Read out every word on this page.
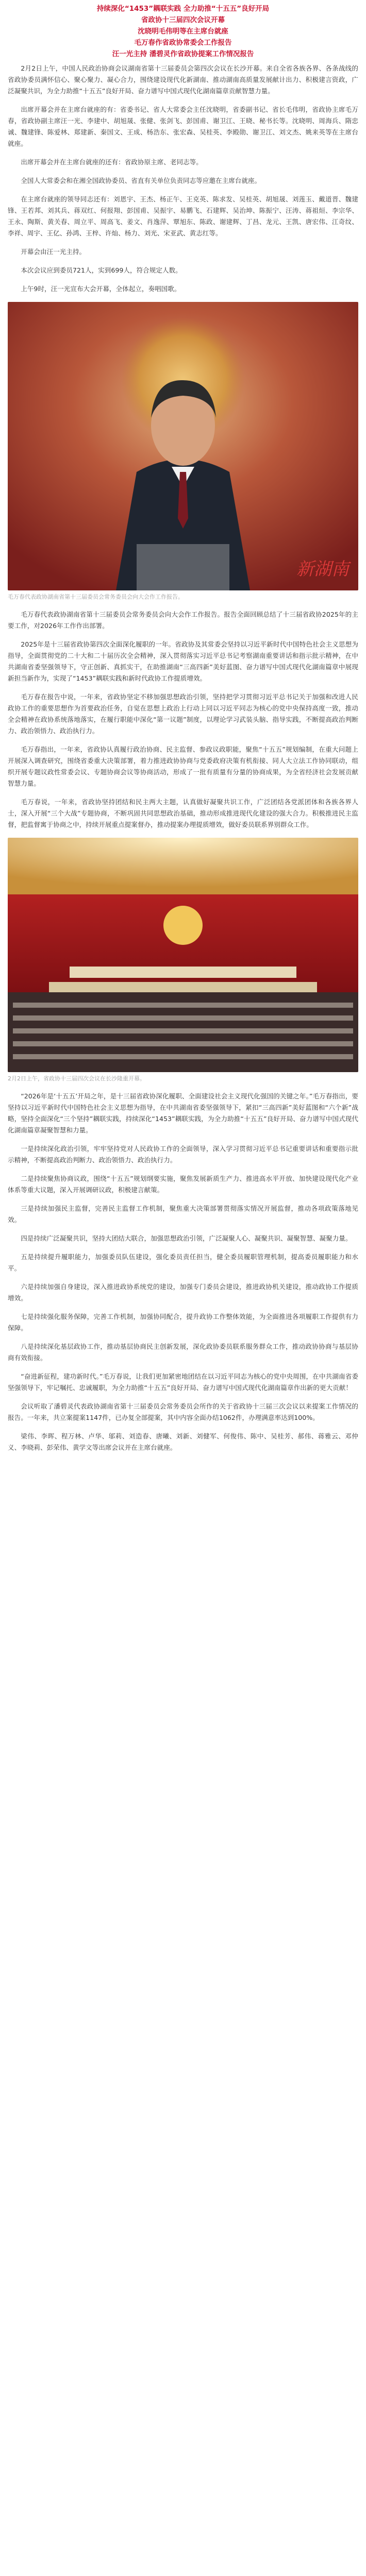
持续深化“1453”耦联实践 全力助推“十五五”良好开局
省政协十三届四次会议开幕
沈晓明毛伟明等在主席台就座
毛万春作省政协常委会工作报告
汪一光主持 潘碧灵作省政协提案工作情况报告

2月2日上午，中国人民政治协商会议湖南省第十三届委员会第四次会议在长沙开幕。来自全省各族各界、各条战线的省政协委员满怀信心、聚心聚力、凝心合力，围绕建设现代化新湖南、推动湖南高质量发展献计出力、积极建言资政，广泛凝聚共识，为全力助推“十五五”良好开局、奋力谱写中国式现代化湖南篇章贡献智慧力量。

出席开幕会并在主席台就座的有：省委书记、省人大常委会主任沈晓明，省委副书记、省长毛伟明，省政协主席毛万春，省政协副主席汪一光、李建中、胡旭晟、张健、张剑飞、彭国甫、谢卫江、王晓、秘书长等。沈晓明、周海兵、隋忠诚、魏建锋、陈爱林、郑建新、秦国文、王成、杨浩东、张宏森、吴桂英、李殿勋、谢卫江、刘文杰、姚来英等在主席台就座。

出席开幕会并在主席台就座的还有：省政协原主席、老同志等。

全国人大常委会和在湘全国政协委员、省直有关单位负责同志等应邀在主席台就座。

在主席台就座的领导同志还有：刘恩宇、王杰、杨正午、王克英、陈求发、吴桂英、胡旭晟、刘莲玉、戴道晋、魏建锋、王若邦、刘其兵、蒋双红、何报翔、彭国甫、吴振宇、易鹏飞、石建辉、吴治坤、陈振宁、汪涛、蒋祖烜、李宗华、王永、陶斯、黄关春、周立平、周高飞、姜文、肖逸萍、覃旭东、陈政、谢建辉、丁昌、龙元、王凯、唐宏伟、江奇纹、李祥、周宇、王亿、孙鸿、王梓、许灿、杨力、刘光、宋亚武、黄志红等。

开幕会由汪一光主持。

本次会议应到委员721人，实到699人，符合规定人数。

上午9时，汪一光宣布大会开幕，全体起立，奏唱国歌。

新湖南
毛万春代表政协湖南省第十三届委员会常务委员会向大会作工作报告。

毛万春代表政协湖南省第十三届委员会常务委员会向大会作工作报告。报告全面回顾总结了十三届省政协2025年的主要工作，对2026年工作作出部署。

2025年是十三届省政协第四次全面深化履职的一年。省政协及其常委会坚持以习近平新时代中国特色社会主义思想为指导，全面贯彻党的二十大和二十届历次全会精神，深入贯彻落实习近平总书记考察湖南重要讲话和指示批示精神，在中共湖南省委坚强领导下，守正创新、真抓实干，在助推湖南“三高四新”美好蓝图、奋力谱写中国式现代化湖南篇章中展现新担当新作为，实现了“1453”耦联实践和新时代政协工作提质增效。

毛万春在报告中说，一年来，省政协坚定不移加强思想政治引领，坚持把学习贯彻习近平总书记关于加强和改进人民政协工作的重要思想作为首要政治任务，自觉在思想上政治上行动上同以习近平同志为核心的党中央保持高度一致，推动全会精神在政协系统落地落实，在履行职能中深化“第一议题”制度，以理论学习武装头脑、指导实践，不断提高政治判断力、政治领悟力、政治执行力。

毛万春指出，一年来，省政协认真履行政治协商、民主监督、参政议政职能，聚焦“十五五”规划编制，在重大问题上开展深入调查研究，围绕省委重大决策部署，着力推进政协协商与党委政府决策有机衔接、同人大立法工作协同联动，组织开展专题议政性常委会议、专题协商会议等协商活动，形成了一批有质量有分量的协商成果，为全省经济社会发展贡献智慧力量。

毛万春说，一年来，省政协坚持团结和民主两大主题，认真做好凝聚共识工作，广泛团结各党派团体和各族各界人士，深入开展“三个大战”专题协商，不断巩固共同思想政治基础，推动形成推进现代化建设的强大合力。积极推进民主监督，把监督寓于协商之中，持续开展重点提案督办，推动提案办理提质增效，做好委员联系界别群众工作。

2月2日上午，省政协十三届四次会议在长沙隆重开幕。

“2026年是‘十五五’开局之年，是十三届省政协深化履职、全面建设社会主义现代化强国的关键之年。”毛万春指出，要坚持以习近平新时代中国特色社会主义思想为指导，在中共湖南省委坚强领导下，紧扣“三高四新”美好蓝图和“六个新”战略，坚持全面深化“三个坚持”耦联实践，持续深化“1453”耦联实践，为全力助推“十五五”良好开局、奋力谱写中国式现代化湖南篇章凝聚智慧和力量。

一是持续深化政治引领，牢牢坚持党对人民政协工作的全面领导，深入学习贯彻习近平总书记重要讲话和重要指示批示精神，不断提高政治判断力、政治领悟力、政治执行力。

二是持续聚焦协商议政，围绕“十五五”规划纲要实施，聚焦发展新质生产力、推进高水平开放、加快建设现代化产业体系等重大议题，深入开展调研议政，积极建言献策。

三是持续加强民主监督，完善民主监督工作机制，聚焦重大决策部署贯彻落实情况开展监督，推动各项政策落地见效。

四是持续广泛凝聚共识，坚持大团结大联合，加强思想政治引领，广泛凝聚人心、凝聚共识、凝聚智慧、凝聚力量。

五是持续提升履职能力，加强委员队伍建设，强化委员责任担当，健全委员履职管理机制，提高委员履职能力和水平。

六是持续加强自身建设，深入推进政协系统党的建设，加强专门委员会建设，推进政协机关建设，推动政协工作提质增效。

七是持续强化服务保障，完善工作机制，加强协同配合，提升政协工作整体效能，为全面推进各项履职工作提供有力保障。

八是持续深化基层政协工作，推动基层协商民主创新发展，深化政协委员联系服务群众工作，推动政协协商与基层协商有效衔接。

“奋进新征程，建功新时代。”毛万春说，让我们更加紧密地团结在以习近平同志为核心的党中央周围，在中共湖南省委坚强领导下，牢记嘱托、忠诚履职，为全力助推“十五五”良好开局、奋力谱写中国式现代化湖南篇章作出新的更大贡献！

会议听取了潘碧灵代表政协湖南省第十三届委员会常务委员会所作的关于省政协十三届三次会议以来提案工作情况的报告。一年来，共立案提案1147件，已办复全部提案，其中内容全面办结1062件，办理满意率达到100%。

梁伟、李晖、程万林、卢华、邬莉、刘造春、唐曦、刘新、刘健军、何俊伟、陈中、吴桂芳、郝伟、蒋雅云、邓仲义、李晓莉、彭荣伟、黄学文等出席会议并在主席台就座。
